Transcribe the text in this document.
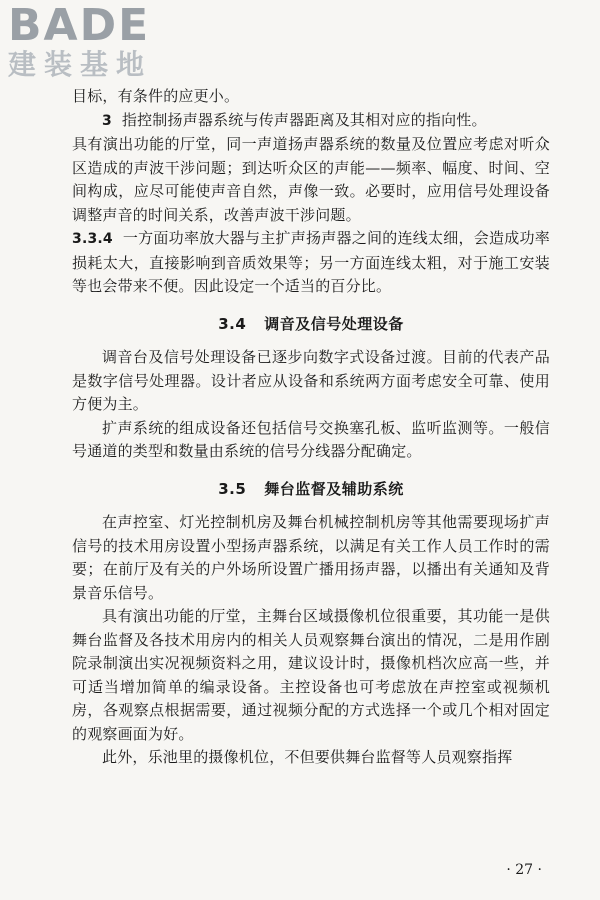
BADE
建装基地

目标，有条件的应更小。

3 指控制扬声器系统与传声器距离及其相对应的指向性。

具有演出功能的厅堂，同一声道扬声器系统的数量及位置应考虑对听众区造成的声波干涉问题；到达听众区的声能——频率、幅度、时间、空间构成，应尽可能使声音自然，声像一致。必要时，应用信号处理设备调整声音的时间关系，改善声波干涉问题。

3.3.4 一方面功率放大器与主扩声扬声器之间的连线太细，会造成功率损耗太大，直接影响到音质效果等；另一方面连线太粗，对于施工安装等也会带来不便。因此设定一个适当的百分比。

3.4 调音及信号处理设备

调音台及信号处理设备已逐步向数字式设备过渡。目前的代表产品是数字信号处理器。设计者应从设备和系统两方面考虑安全可靠、使用方便为主。

扩声系统的组成设备还包括信号交换塞孔板、监听监测等。一般信号通道的类型和数量由系统的信号分线器分配确定。

3.5 舞台监督及辅助系统

在声控室、灯光控制机房及舞台机械控制机房等其他需要现场扩声信号的技术用房设置小型扬声器系统，以满足有关工作人员工作时的需要；在前厅及有关的户外场所设置广播用扬声器，以播出有关通知及背景音乐信号。

具有演出功能的厅堂，主舞台区域摄像机位很重要，其功能一是供舞台监督及各技术用房内的相关人员观察舞台演出的情况，二是用作剧院录制演出实况视频资料之用，建议设计时，摄像机档次应高一些，并可适当增加简单的编录设备。主控设备也可考虑放在声控室或视频机房，各观察点根据需要，通过视频分配的方式选择一个或几个相对固定的观察画面为好。

此外，乐池里的摄像机位，不但要供舞台监督等人员观察指挥

· 27 ·
